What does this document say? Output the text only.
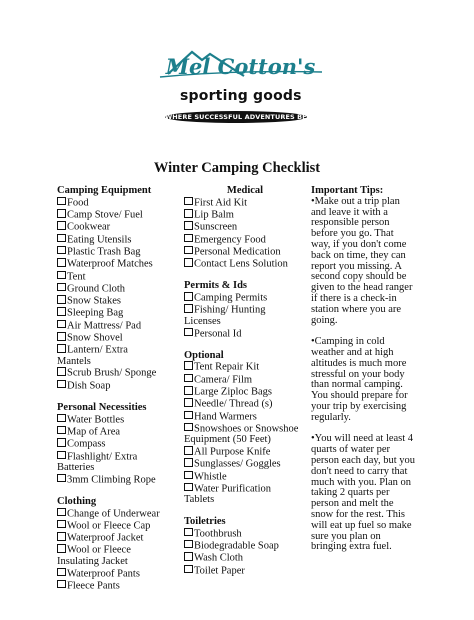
Mel Cotton's
sporting goods
WHERE SUCCESSFUL ADVENTURES BEGIN
Winter Camping Checklist

Camping Equipment

Food

Camp Stove/ Fuel

Cookwear

Eating Utensils

Plastic Trash Bag

Waterproof Matches

Tent

Ground Cloth

Snow Stakes

Sleeping Bag

Air Mattress/ Pad

Snow Shovel

Lantern/ Extra

Mantels

Scrub Brush/ Sponge

Dish Soap

Personal Necessities

Water Bottles

Map of Area

Compass

Flashlight/ Extra

Batteries

3mm Climbing Rope

Clothing

Change of Underwear

Wool or Fleece Cap

Waterproof Jacket

Wool or Fleece

Insulating Jacket

Waterproof Pants

Fleece Pants

Medical

First Aid Kit

Lip Balm

Sunscreen

Emergency Food

Personal Medication

Contact Lens Solution

Permits & Ids

Camping Permits

Fishing/ Hunting

Licenses

Personal Id

Optional

Tent Repair Kit

Camera/ Film

Large Ziploc Bags

Needle/ Thread (s)

Hand Warmers

Snowshoes or Snowshoe

Equipment (50 Feet)

All Purpose Knife

Sunglasses/ Goggles

Whistle

Water Purification

Tablets

Toiletries

Toothbrush

Biodegradable Soap

Wash Cloth

Toilet Paper

Important Tips:

•Make out a trip plan

and leave it with a

responsible person

before you go. That

way, if you don't come

back on time, they can

report you missing. A

second copy should be

given to the head ranger

if there is a check-in

station where you are

going.

•Camping in cold

weather and at high

altitudes is much more

stressful on your body

than normal camping.

You should prepare for

your trip by exercising

regularly.

•You will need at least 4

quarts of water per

person each day, but you

don't need to carry that

much with you. Plan on

taking 2 quarts per

person and melt the

snow for the rest. This

will eat up fuel so make

sure you plan on

bringing extra fuel.
